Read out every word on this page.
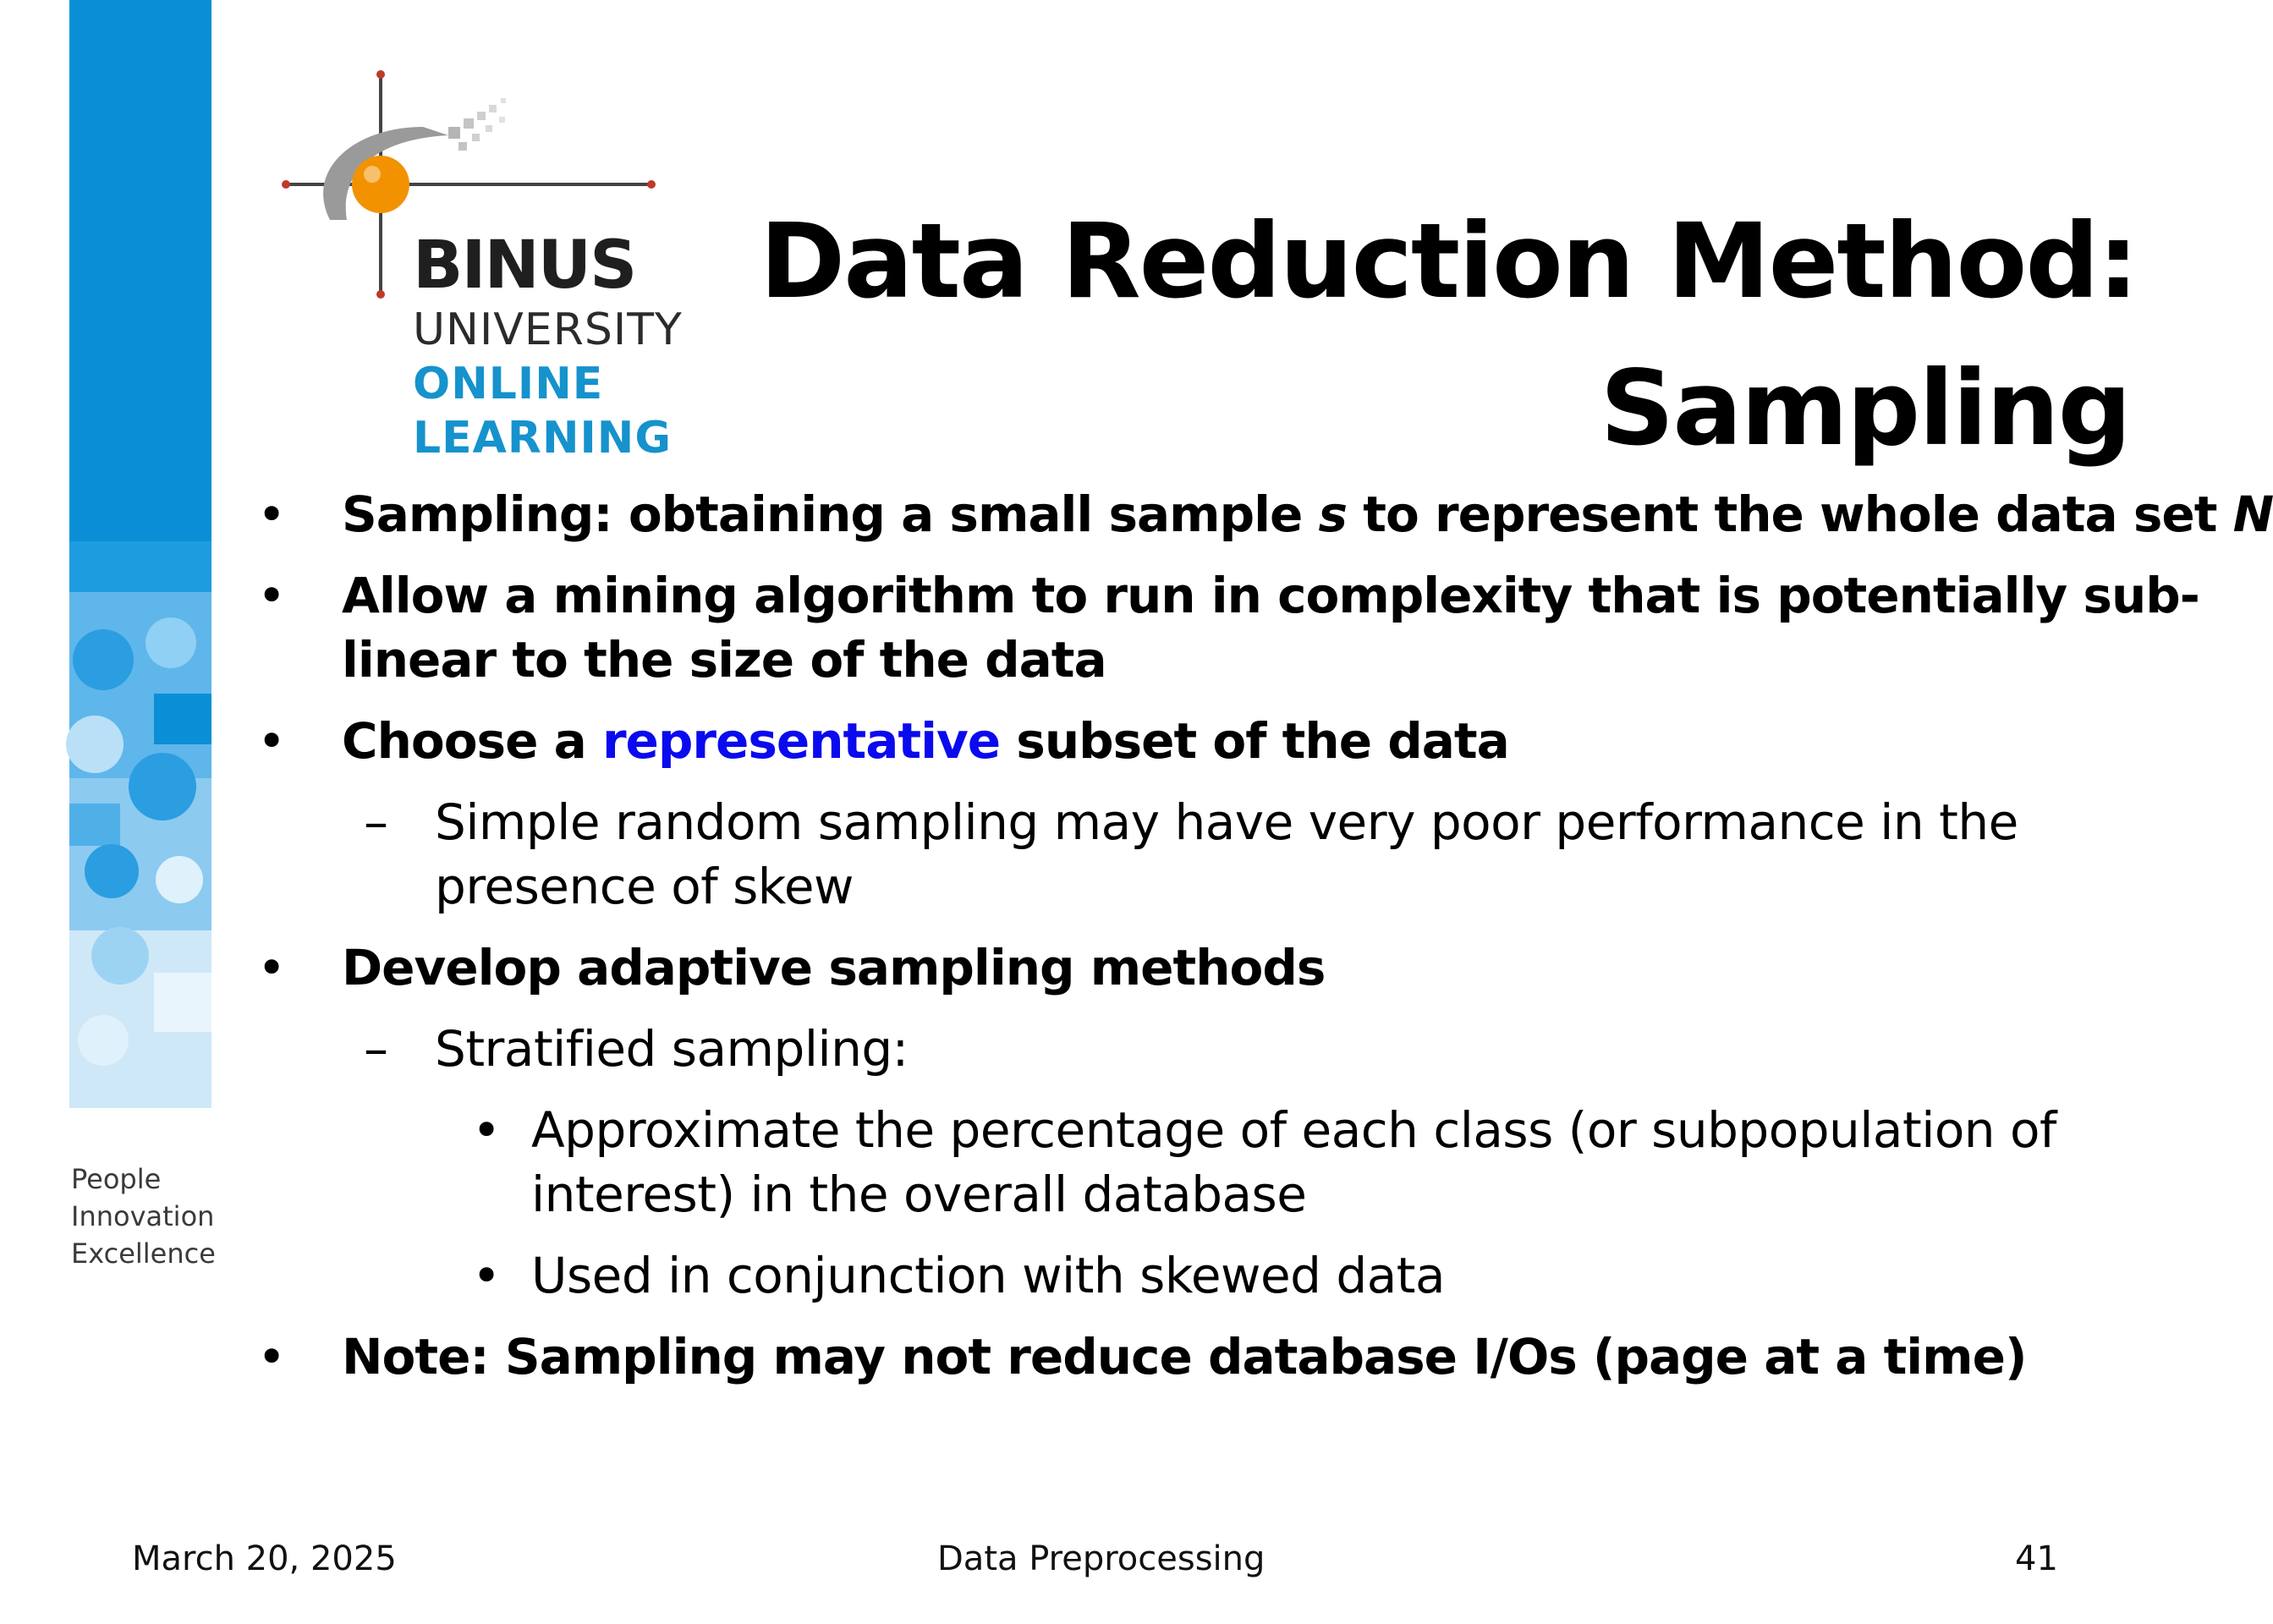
People
Innovation
Excellence
BINUS
UNIVERSITY
ONLINE
LEARNING
Data Reduction Method:
Sampling
• Sampling: obtaining a small sample s to represent the whole data set N
• Allow a mining algorithm to run in complexity that is potentially sub-
linear to the size of the data
• Choose a representative subset of the data
– Simple random sampling may have very poor performance in the
presence of skew
• Develop adaptive sampling methods
– Stratified sampling:
• Approximate the percentage of each class (or subpopulation of
interest) in the overall database
• Used in conjunction with skewed data
• Note: Sampling may not reduce database I/Os (page at a time)
March 20, 2025	Data Preprocessing	41
